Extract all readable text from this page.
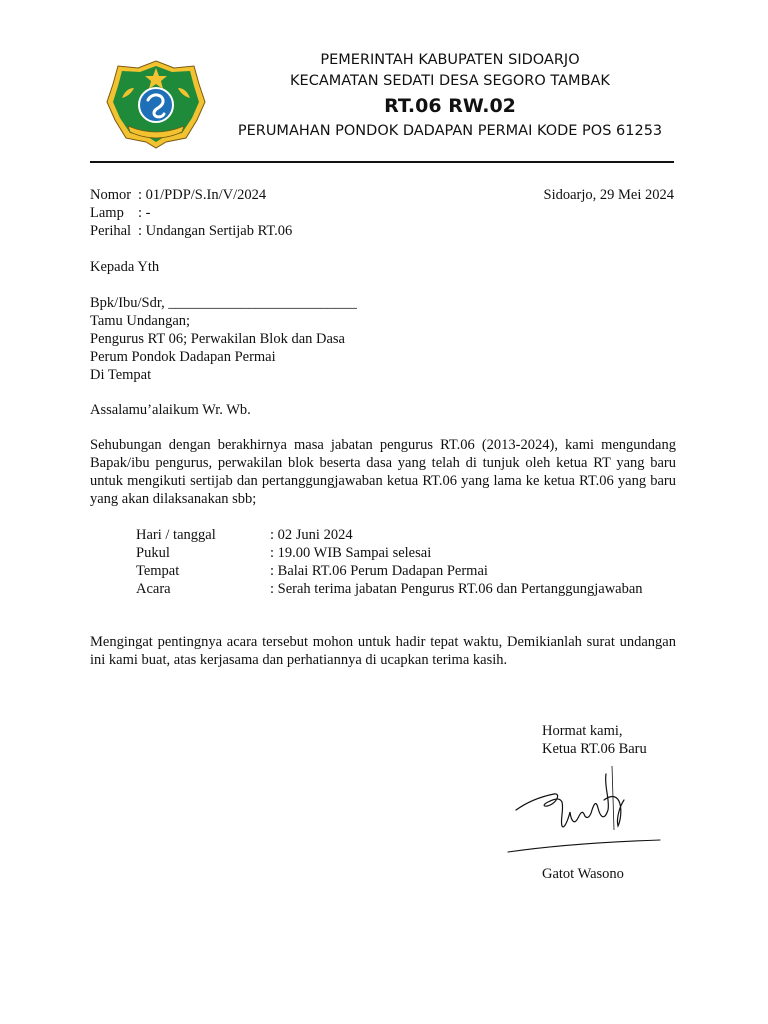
PEMERINTAH KABUPATEN SIDOARJO
KECAMATAN SEDATI DESA SEGORO TAMBAK
RT.06 RW.02
PERUMAHAN PONDOK DADAPAN PERMAI KODE POS 61253
Nomor : 01/PDP/S.In/V/2024
Lamp : -
Perihal : Undangan Sertijab RT.06
Sidoarjo, 29 Mei 2024
Kepada Yth
Bpk/Ibu/Sdr, __________________________
Tamu Undangan;
Pengurus RT 06; Perwakilan Blok dan Dasa
Perum Pondok Dadapan Permai
Di Tempat
Assalamu’alaikum Wr. Wb.
Sehubungan dengan berakhirnya masa jabatan pengurus RT.06 (2013-2024), kami mengundang Bapak/ibu pengurus, perwakilan blok beserta dasa yang telah di tunjuk oleh ketua RT yang baru untuk mengikuti sertijab dan pertanggungjawaban ketua RT.06 yang lama ke ketua RT.06 yang baru yang akan dilaksanakan sbb;
Hari / tanggal	: 02 Juni 2024
Pukul	: 19.00 WIB Sampai selesai
Tempat	: Balai RT.06 Perum Dadapan Permai
Acara	: Serah terima jabatan Pengurus RT.06 dan Pertanggungjawaban
Mengingat pentingnya acara tersebut mohon untuk hadir tepat waktu, Demikianlah surat undangan ini kami buat, atas kerjasama dan perhatiannya di ucapkan terima kasih.
Hormat kami,
Ketua RT.06 Baru
Gatot Wasono
